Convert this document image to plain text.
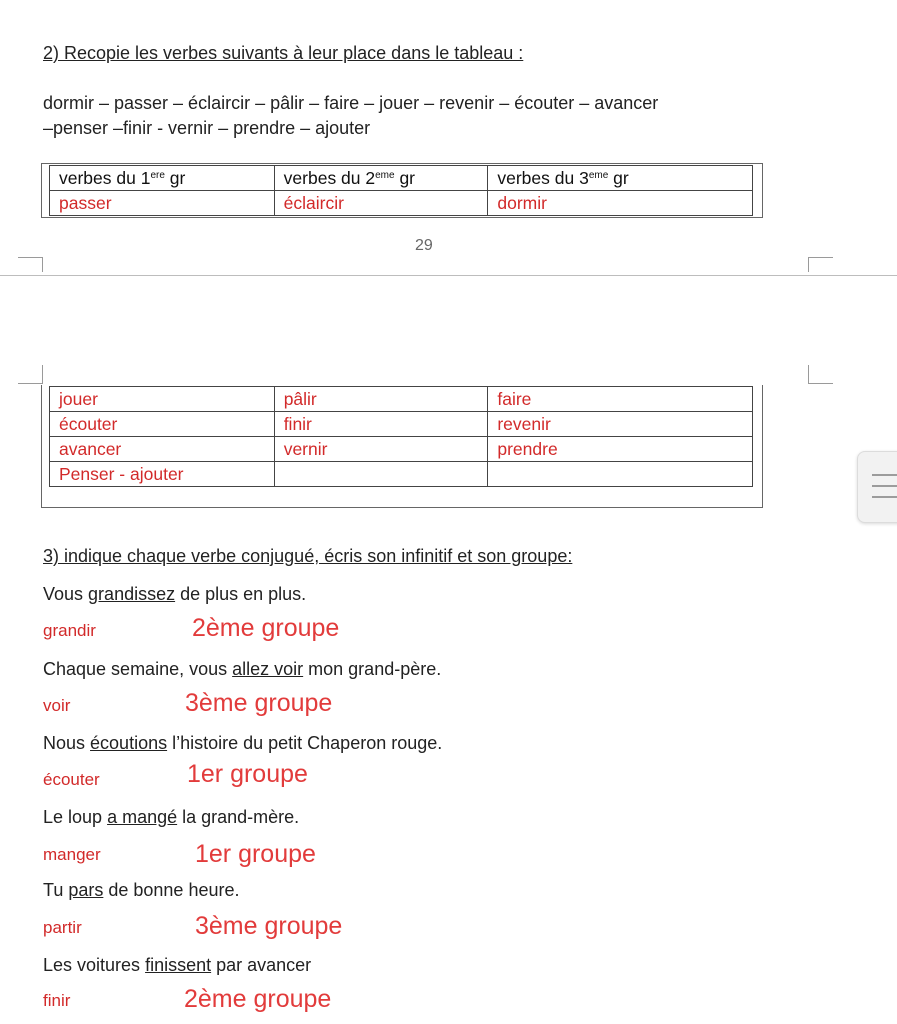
2) Recopie les verbes suivants à leur place dans le tableau :
dormir – passer – éclaircir – pâlir – faire – jouer – revenir – écouter – avancer
–penser –finir - vernir – prendre – ajouter
verbes du 1ere gr	verbes du 2eme gr	verbes du 3eme gr
passer	éclaircir	dormir
29
jouer	pâlir	faire
écouter	finir	revenir
avancer	vernir	prendre
Penser - ajouter		
3) indique chaque verbe conjugué, écris son infinitif et son groupe:
Vous grandissez de plus en plus.
grandir	2ème groupe
Chaque semaine, vous allez voir mon grand-père.
voir	3ème groupe
Nous écoutions l’histoire du petit Chaperon rouge.
écouter	1er groupe
Le loup a mangé la grand-mère.
manger	1er groupe
Tu pars de bonne heure.
partir	3ème groupe
Les voitures finissent par avancer
finir	2ème groupe
